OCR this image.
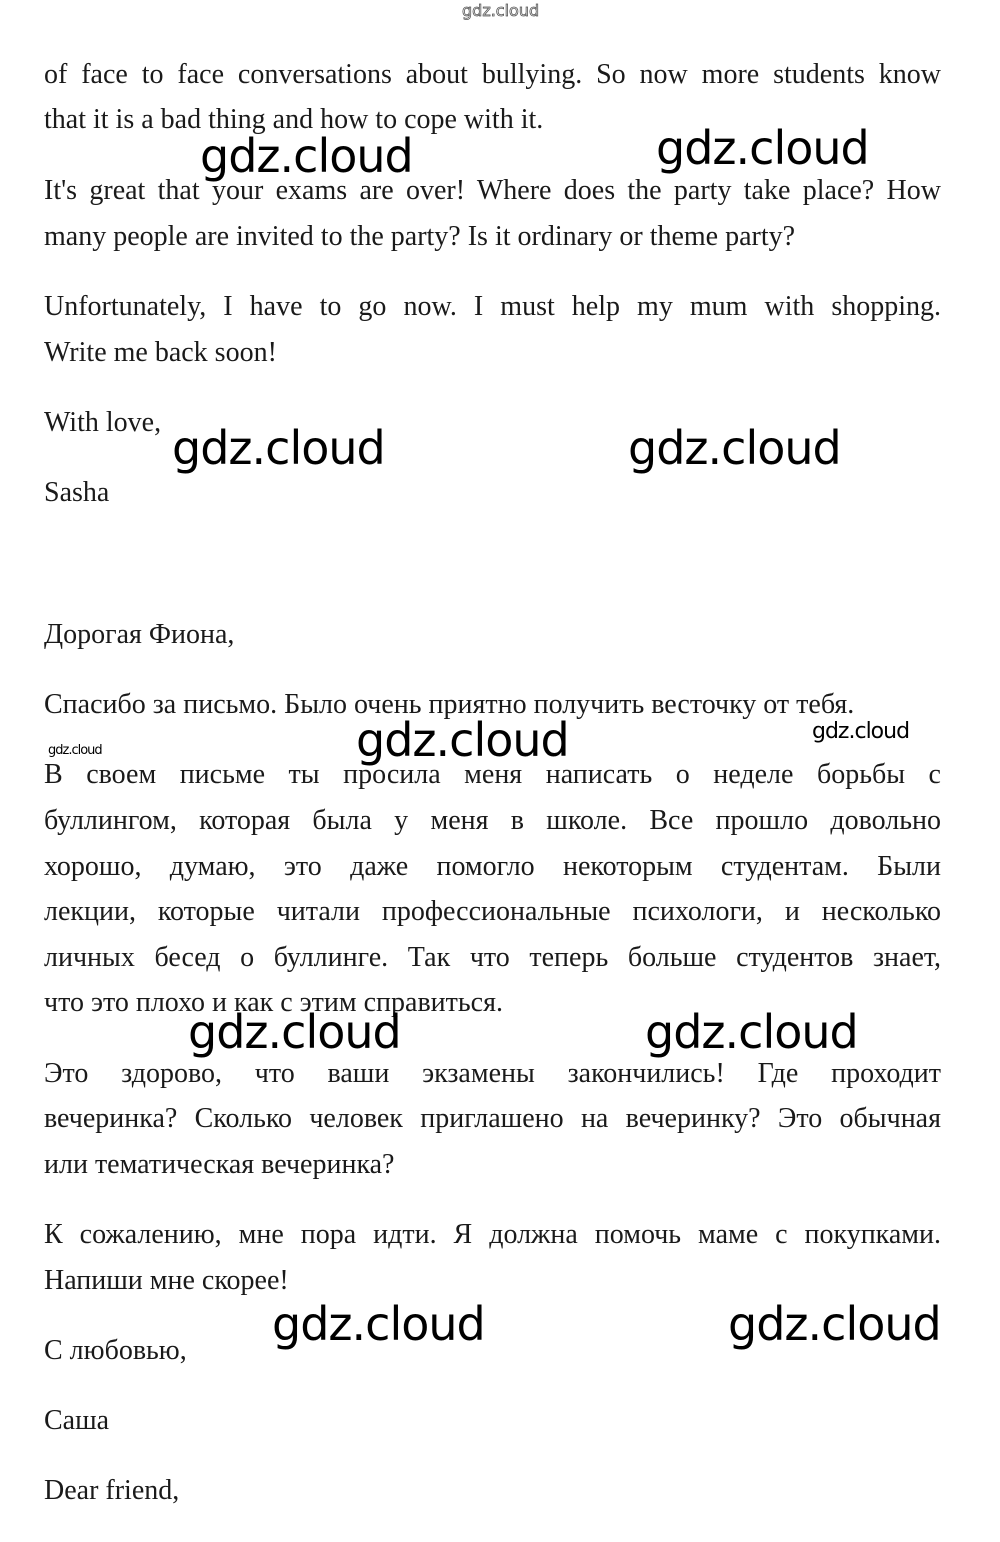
gdz.cloud
of face to face conversations about bullying. So now more students know
that it is a bad thing and how to cope with it.
It's great that your exams are over! Where does the party take place? How
many people are invited to the party? Is it ordinary or theme party?
Unfortunately, I have to go now. I must help my mum with shopping.
Write me back soon!
With love,
Sasha
Дорогая Фиона,
Спасибо за письмо. Было очень приятно получить весточку от тебя.
В своем письме ты просила меня написать о неделе борьбы с
буллингом, которая была у меня в школе. Все прошло довольно
хорошо, думаю, это даже помогло некоторым студентам. Были
лекции, которые читали профессиональные психологи, и несколько
личных бесед о буллинге. Так что теперь больше студентов знает,
что это плохо и как с этим справиться.
Это здорово, что ваши экзамены закончились! Где проходит
вечеринка? Сколько человек приглашено на вечеринку? Это обычная
или тематическая вечеринка?
К сожалению, мне пора идти. Я должна помочь маме с покупками.
Напиши мне скорее!
С любовью,
Саша
Dear friend,
gdz.cloud	gdz.cloud
gdz.cloud	gdz.cloud
gdz.cloud	gdz.cloud
gdz.cloud
gdz.cloud	gdz.cloud
gdz.cloud	gdz.cloud
